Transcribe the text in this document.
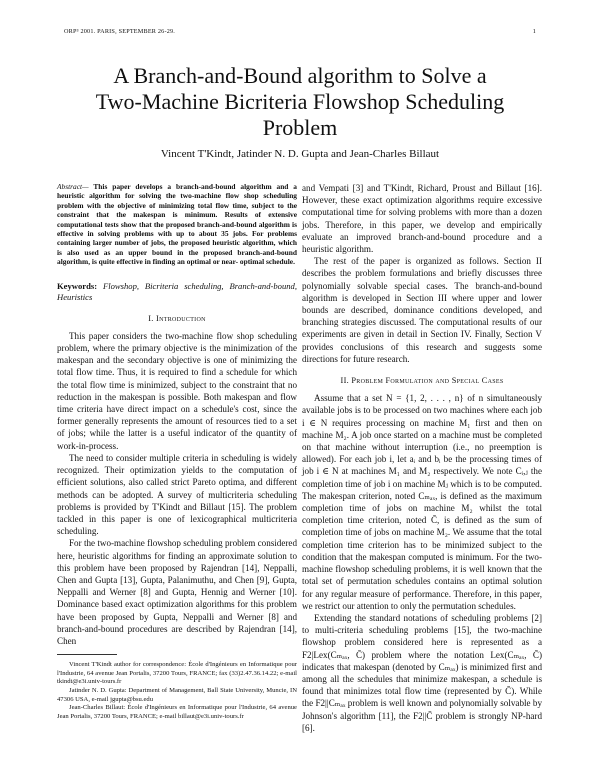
ORP³ 2001. PARIS, SEPTEMBER 26-29.	1
A Branch-and-Bound algorithm to Solve a
Two-Machine Bicriteria Flowshop Scheduling
Problem
Vincent T'Kindt, Jatinder N. D. Gupta and Jean-Charles Billaut
Abstract— This paper develops a branch-and-bound algorithm and a heuristic algorithm for solving the two-machine flow shop scheduling problem with the objective of minimizing total flow time, subject to the constraint that the makespan is minimum. Results of extensive computational tests show that the proposed branch-and-bound algorithm is effective in solving problems with up to about 35 jobs. For problems containing larger number of jobs, the proposed heuristic algorithm, which is also used as an upper bound in the proposed branch-and-bound algorithm, is quite effective in finding an optimal or near- optimal schedule.
Keywords: Flowshop, Bicriteria scheduling, Branch-and-bound, Heuristics
I. Introduction

This paper considers the two-machine flow shop scheduling problem, where the primary objective is the minimization of the makespan and the secondary objective is one of minimizing the total flow time. Thus, it is required to find a schedule for which the total flow time is minimized, subject to the constraint that no reduction in the makespan is possible. Both makespan and flow time criteria have direct impact on a schedule's cost, since the former generally represents the amount of resources tied to a set of jobs; while the latter is a useful indicator of the quantity of work-in-process.

The need to consider multiple criteria in scheduling is widely recognized. Their optimization yields to the computation of efficient solutions, also called strict Pareto optima, and different methods can be adopted. A survey of multicriteria scheduling problems is provided by T'Kindt and Billaut [15]. The problem tackled in this paper is one of lexicographical multicriteria scheduling.

For the two-machine flowshop scheduling problem considered here, heuristic algorithms for finding an approximate solution to this problem have been proposed by Rajendran [14], Neppalli, Chen and Gupta [13], Gupta, Palanimuthu, and Chen [9], Gupta, Neppalli and Werner [8] and Gupta, Hennig and Werner [10]. Dominance based exact optimization algorithms for this problem have been proposed by Gupta, Neppalli and Werner [8] and branch-and-bound procedures are described by Rajendran [14], Chen

Vincent T'Kindt author for correspondence: École d'Ingénieurs en Informatique pour l'Industrie, 64 avenue Jean Portalis, 37200 Tours, FRANCE; fax (33)2.47.36.14.22; e-mail tkindt@e3i.univ-tours.fr

Jatinder N. D. Gupta: Department of Management, Ball State University, Muncie, IN 47306 USA, e-mail jgupta@bsu.edu

Jean-Charles Billaut: École d'Ingénieurs en Informatique pour l'Industrie, 64 avenue Jean Portalis, 37200 Tours, FRANCE; e-mail billaut@e3i.univ-tours.fr

and Vempati [3] and T'Kindt, Richard, Proust and Billaut [16]. However, these exact optimization algorithms require excessive computational time for solving problems with more than a dozen jobs. Therefore, in this paper, we develop and empirically evaluate an improved branch-and-bound procedure and a heuristic algorithm.

The rest of the paper is organized as follows. Section II describes the problem formulations and briefly discusses three polynomially solvable special cases. The branch-and-bound algorithm is developed in Section III where upper and lower bounds are described, dominance conditions developed, and branching strategies discussed. The computational results of our experiments are given in detail in Section IV. Finally, Section V provides conclusions of this research and suggests some directions for future research.

II. Problem Formulation and Special Cases

Assume that a set N = {1, 2, . . . , n} of n simultaneously available jobs is to be processed on two machines where each job i ∈ N requires processing on machine M₁ first and then on machine M₂. A job once started on a machine must be completed on that machine without interruption (i.e., no preemption is allowed). For each job i, let aᵢ and bᵢ be the processing times of job i ∈ N at machines M₁ and M₂ respectively. We note Cᵢ,ⱼ the completion time of job i on machine Mⱼ which is to be computed. The makespan criterion, noted Cₘₐₓ, is defined as the maximum completion time of jobs on machine M₂ whilst the total completion time criterion, noted C̄, is defined as the sum of completion time of jobs on machine M₂. We assume that the total completion time criterion has to be minimized subject to the condition that the makespan computed is minimum. For the two-machine flowshop scheduling problems, it is well known that the total set of permutation schedules contains an optimal solution for any regular measure of performance. Therefore, in this paper, we restrict our attention to only the permutation schedules.

Extending the standard notations of scheduling problems [2] to multi-criteria scheduling problems [15], the two-machine flowshop problem considered here is represented as a F2|Lex(Cₘₐₓ, C̄) problem where the notation Lex(Cₘₐₓ, C̄) indicates that makespan (denoted by Cₘₐₓ) is minimized first and among all the schedules that minimize makespan, a schedule is found that minimizes total flow time (represented by C̄). While the F2||Cₘₐₓ problem is well known and polynomially solvable by Johnson's algorithm [11], the F2||C̄ problem is strongly NP-hard [6].
